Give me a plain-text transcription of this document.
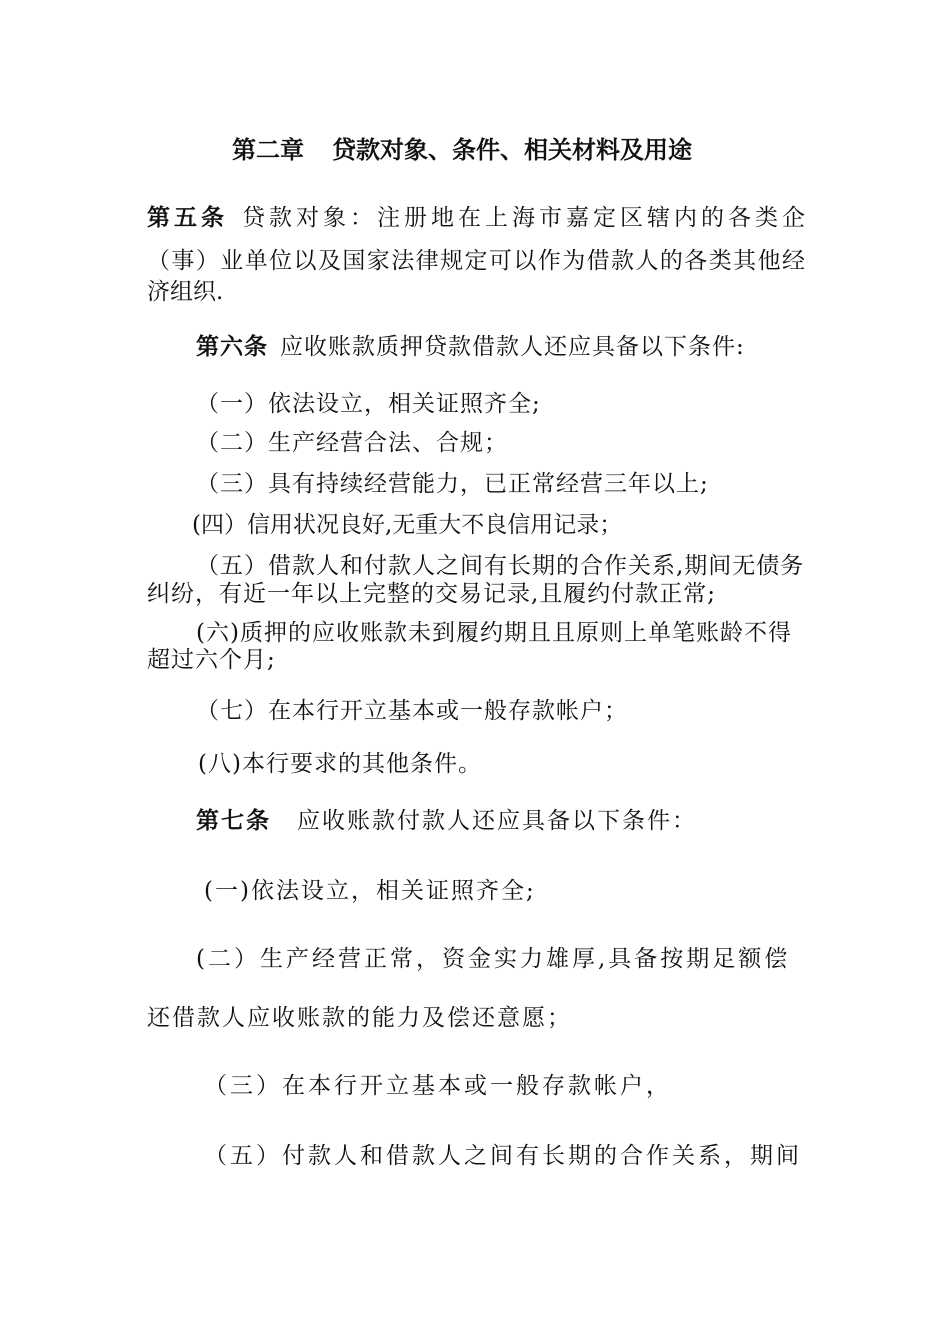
第二章 贷款对象、条件、相关材料及用途
第五条 贷款对象：注册地在上海市嘉定区辖内的各类企
（事）业单位以及国家法律规定可以作为借款人的各类其他经
济组织.
第六条 应收账款质押贷款借款人还应具备以下条件:
（一）依法设立，相关证照齐全;
（二）生产经营合法、合规；
（三）具有持续经营能力，已正常经营三年以上;
(四）信用状况良好,无重大不良信用记录；
（五）借款人和付款人之间有长期的合作关系,期间无债务
纠纷，有近一年以上完整的交易记录,且履约付款正常;
(六)质押的应收账款未到履约期且且原则上单笔账龄不得
超过六个月;
（七）在本行开立基本或一般存款帐户；
(八)本行要求的其他条件。
第七条 应收账款付款人还应具备以下条件：
(一)依法设立，相关证照齐全;
(二）生产经营正常，资金实力雄厚,具备按期足额偿
还借款人应收账款的能力及偿还意愿；
（三）在本行开立基本或一般存款帐户，
（五）付款人和借款人之间有长期的合作关系，期间
